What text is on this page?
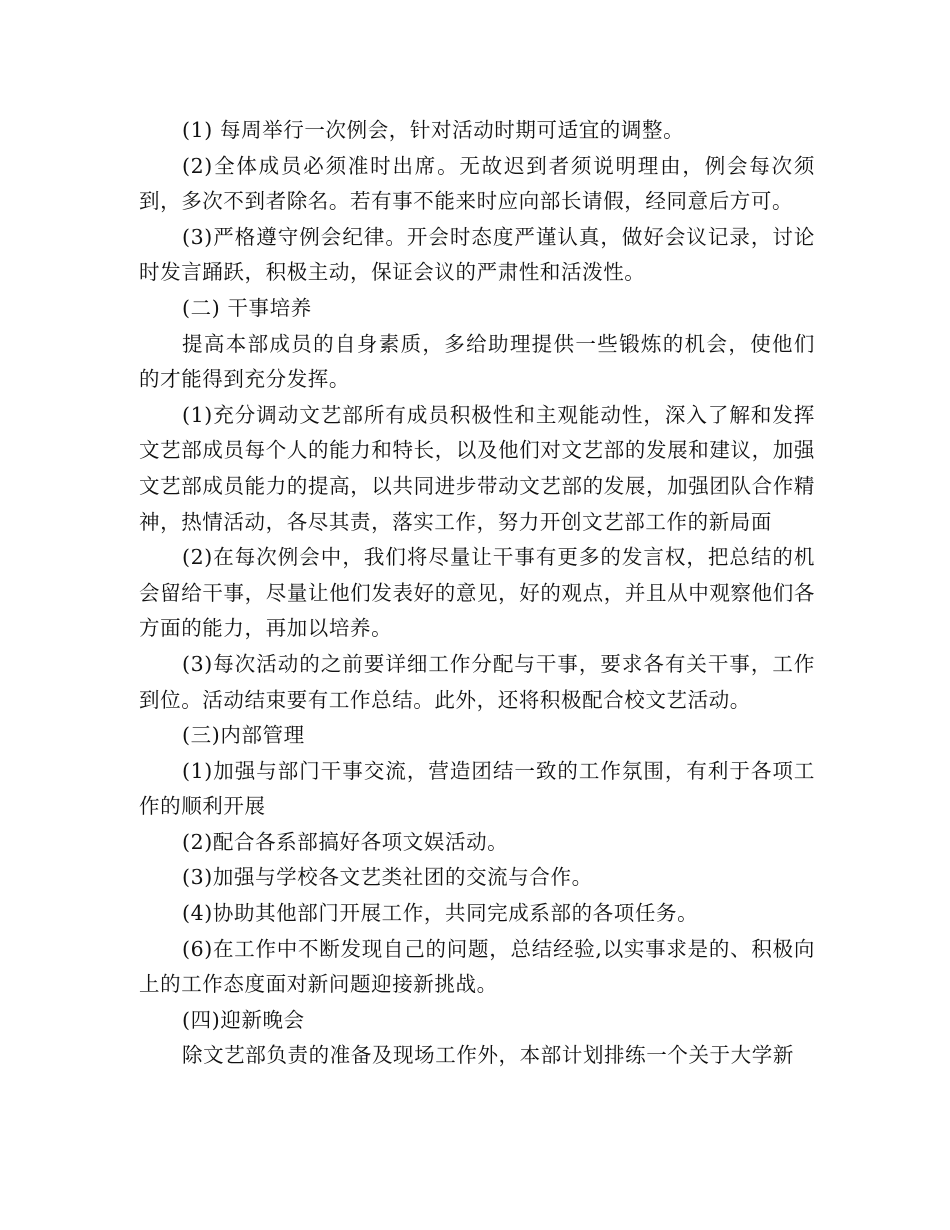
(1) 每周举行一次例会，针对活动时期可适宜的调整。

(2)全体成员必须准时出席。无故迟到者须说明理由，例会每次须到，多次不到者除名。若有事不能来时应向部长请假，经同意后方可。

(3)严格遵守例会纪律。开会时态度严谨认真，做好会议记录，讨论时发言踊跃，积极主动，保证会议的严肃性和活泼性。

(二) 干事培养

提高本部成员的自身素质，多给助理提供一些锻炼的机会，使他们的才能得到充分发挥。

(1)充分调动文艺部所有成员积极性和主观能动性，深入了解和发挥文艺部成员每个人的能力和特长，以及他们对文艺部的发展和建议，加强文艺部成员能力的提高，以共同进步带动文艺部的发展，加强团队合作精神，热情活动，各尽其责，落实工作，努力开创文艺部工作的新局面

(2)在每次例会中，我们将尽量让干事有更多的发言权，把总结的机会留给干事，尽量让他们发表好的意见，好的观点，并且从中观察他们各方面的能力，再加以培养。

(3)每次活动的之前要详细工作分配与干事，要求各有关干事，工作到位。活动结束要有工作总结。此外，还将积极配合校文艺活动。

(三)内部管理

(1)加强与部门干事交流，营造团结一致的工作氛围，有利于各项工作的顺利开展

(2)配合各系部搞好各项文娱活动。

(3)加强与学校各文艺类社团的交流与合作。

(4)协助其他部门开展工作，共同完成系部的各项任务。

(6)在工作中不断发现自己的问题，总结经验,以实事求是的、积极向上的工作态度面对新问题迎接新挑战。

(四)迎新晚会

除文艺部负责的准备及现场工作外，本部计划排练一个关于大学新
